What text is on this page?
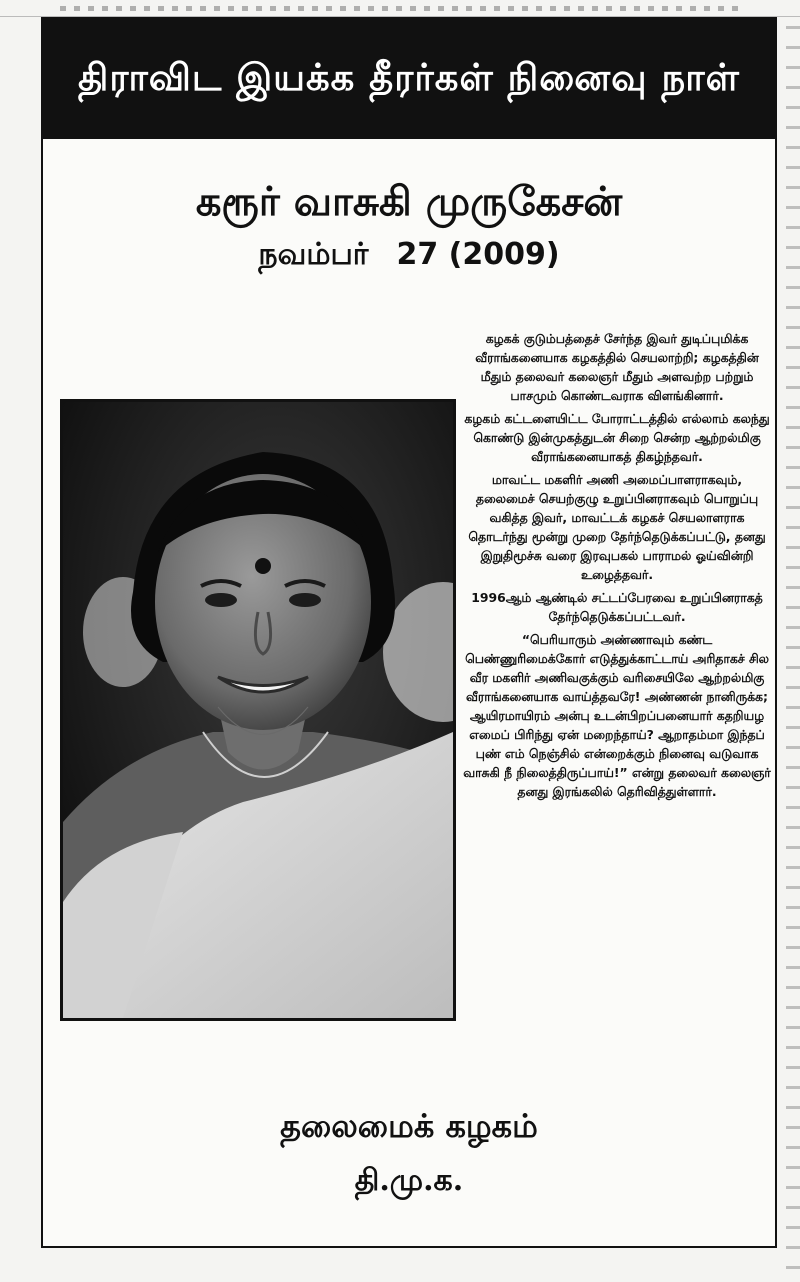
திராவிட இயக்க தீரர்கள் நினைவு நாள்
கரூர் வாசுகி முருகேசன்
நவம்பர் 27 (2009)

கழகக் குடும்பத்தைச் சேர்ந்த இவர் துடிப்புமிக்க வீராங்கனையாக கழகத்தில் செயலாற்றி; கழகத்தின் மீதும் தலைவர் கலைஞர் மீதும் அளவற்ற பற்றும் பாசமும் கொண்டவராக விளங்கினார்.

கழகம் கட்டளையிட்ட போராட்டத்தில் எல்லாம் கலந்து கொண்டு இன்முகத்துடன் சிறை சென்ற ஆற்றல்மிகு வீராங்கனையாகத் திகழ்ந்தவர்.

மாவட்ட மகளிர் அணி அமைப்பாளராகவும், தலைமைச் செயற்குழு உறுப்பினராகவும் பொறுப்பு வகித்த இவர், மாவட்டக் கழகச் செயலாளராக தொடர்ந்து மூன்று முறை தேர்ந்தெடுக்கப்பட்டு, தனது இறுதிமூச்சு வரை இரவுபகல் பாராமல் ஓய்வின்றி உழைத்தவர்.

1996ஆம் ஆண்டில் சட்டப்பேரவை உறுப்பினராகத் தேர்ந்தெடுக்கப்பட்டவர்.

“பெரியாரும் அண்ணாவும் கண்ட பெண்ணுரிமைக்கோர் எடுத்துக்காட்டாய் அரிதாகச் சில வீர மகளிர் அணிவகுக்கும் வரிசையிலே ஆற்றல்மிகு வீராங்கனையாக வாய்த்தவரே! அண்ணன் நானிருக்க; ஆயிரமாயிரம் அன்பு உடன்பிறப்பனையார் கதறியழ எமைப் பிரிந்து ஏன் மறைந்தாய்? ஆறாதம்மா இந்தப் புண் எம் நெஞ்சில் என்றைக்கும் நினைவு வடுவாக வாசுகி நீ நிலைத்திருப்பாய்!” என்று தலைவர் கலைஞர் தனது இரங்கலில் தெரிவித்துள்ளார்.

தலைமைக் கழகம்
தி.மு.க.
